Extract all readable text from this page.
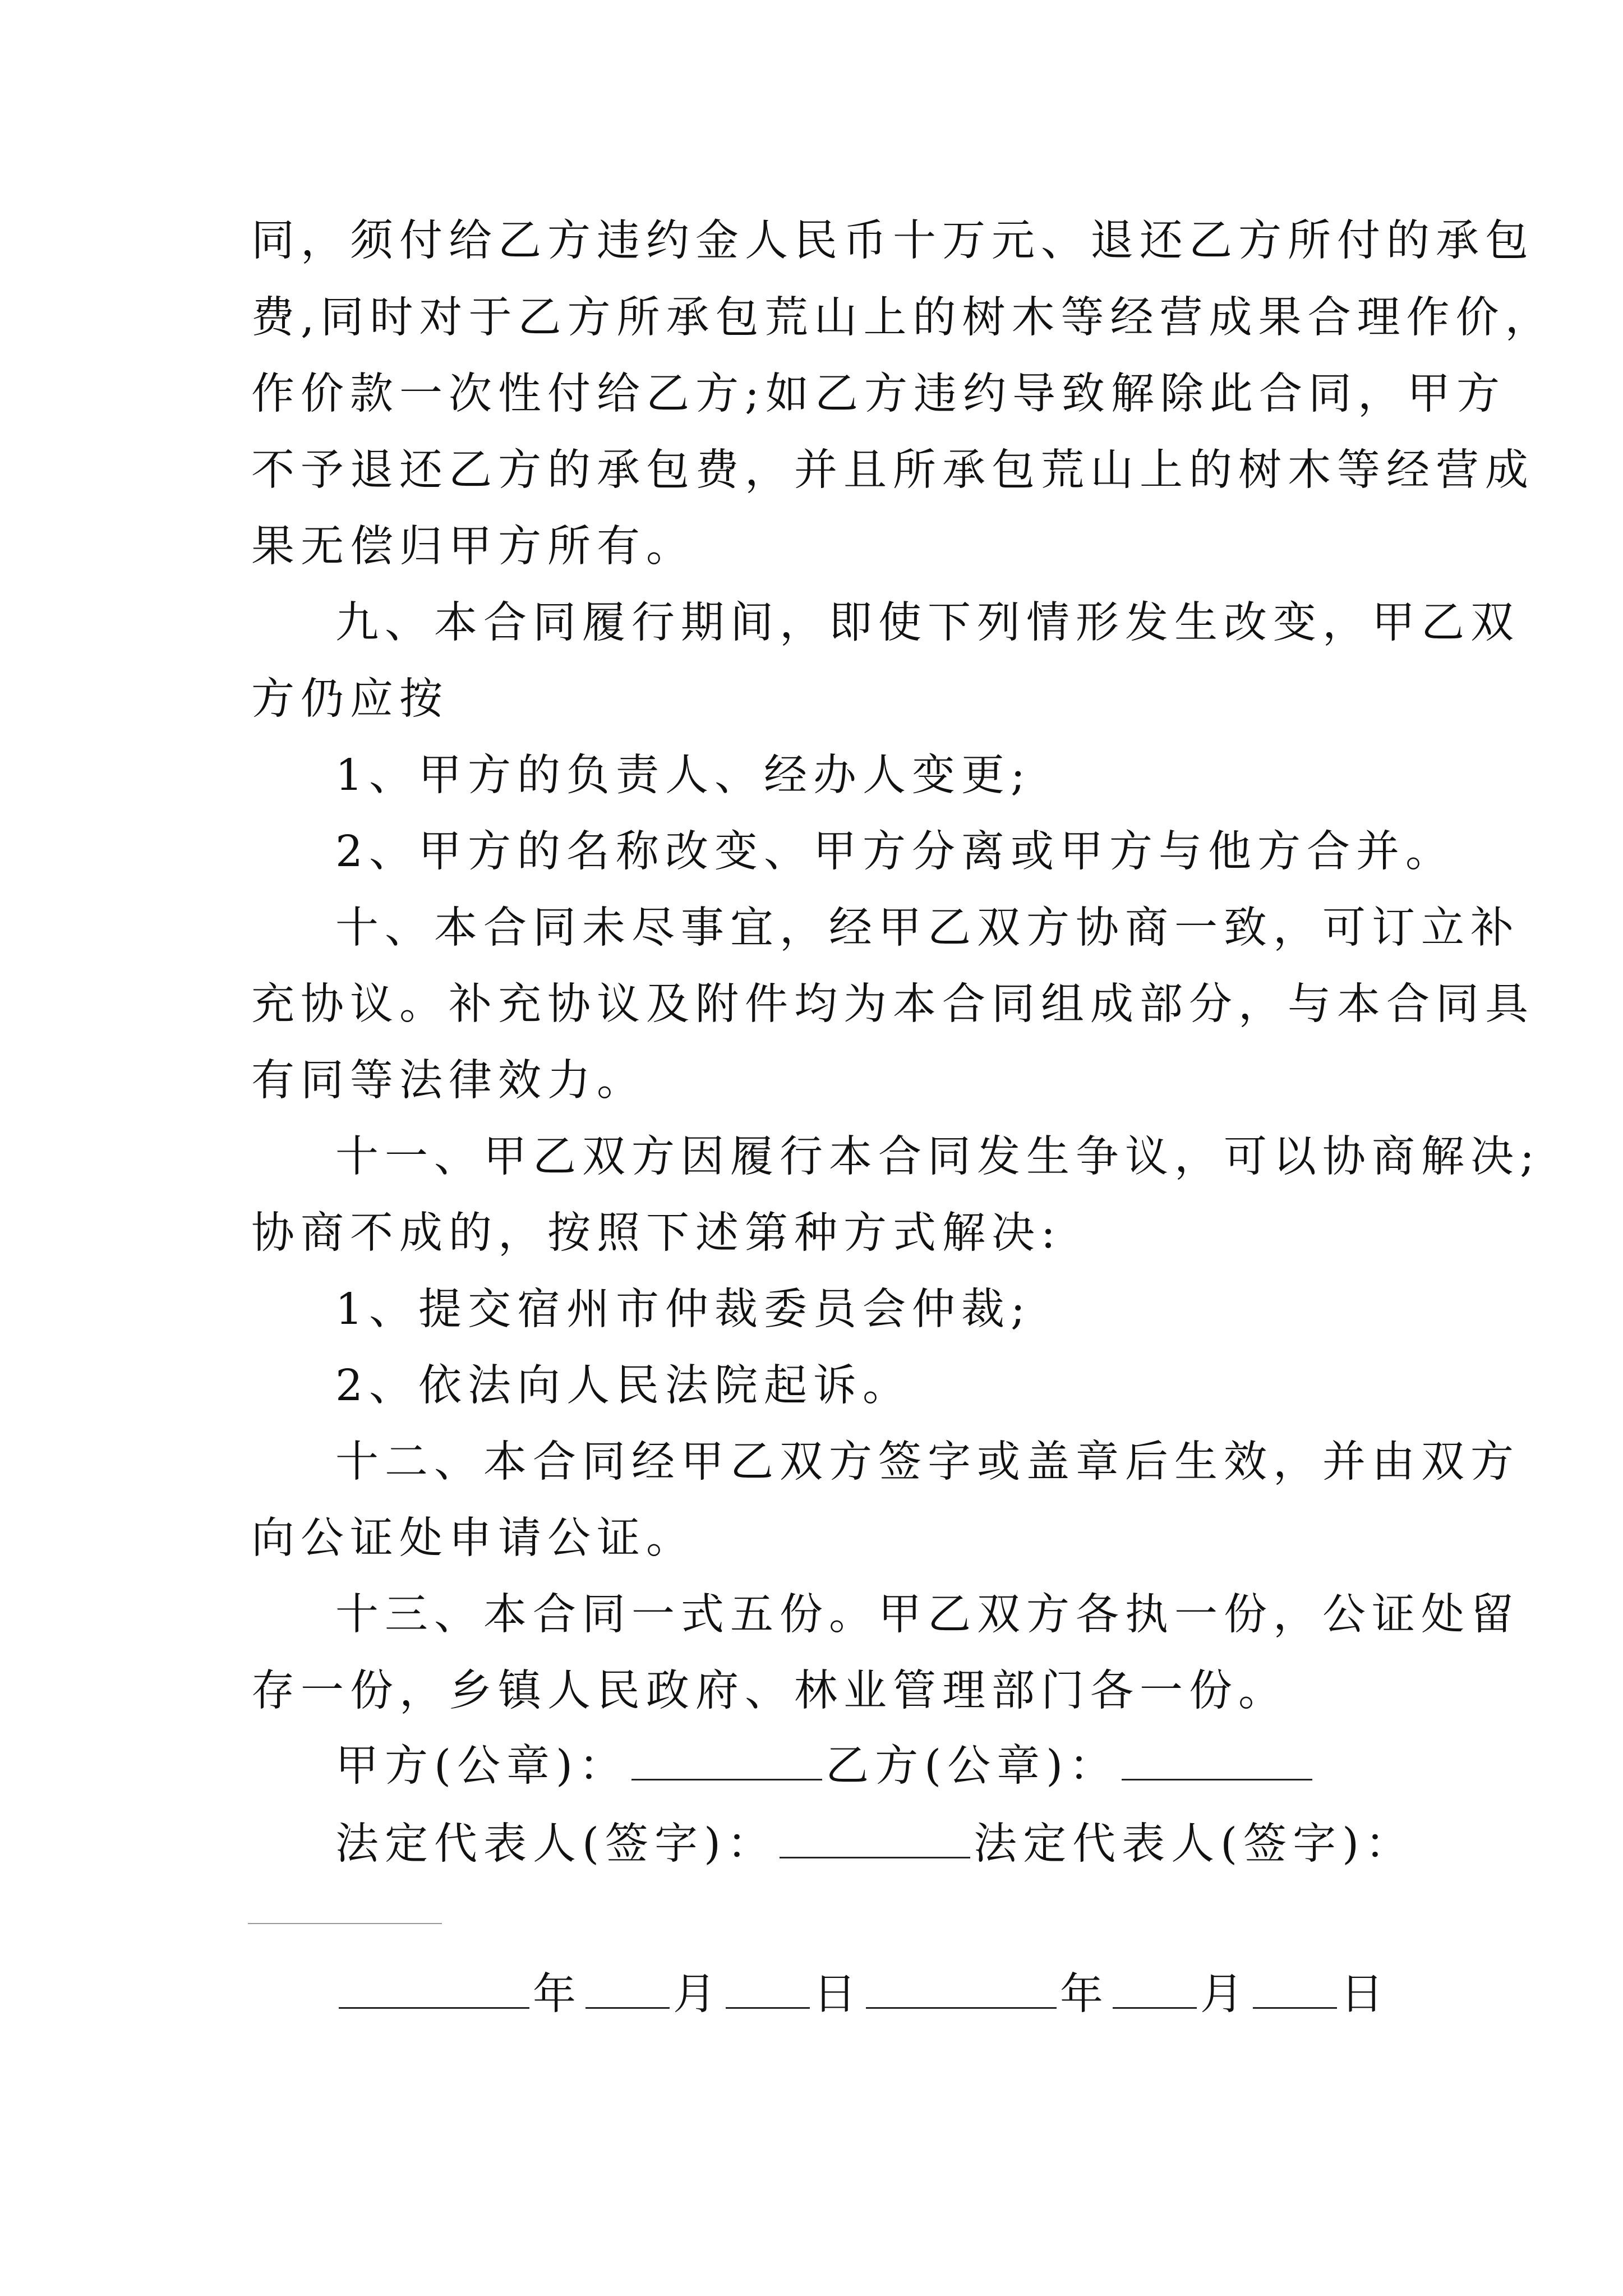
同，须付给乙方违约金人民币十万元、退还乙方所付的承包
费,同时对于乙方所承包荒山上的树木等经营成果合理作价，
作价款一次性付给乙方;如乙方违约导致解除此合同，甲方
不予退还乙方的承包费，并且所承包荒山上的树木等经营成
果无偿归甲方所有。
九、本合同履行期间，即使下列情形发生改变，甲乙双
方仍应按
1、甲方的负责人、经办人变更;
2、甲方的名称改变、甲方分离或甲方与他方合并。
十、本合同未尽事宜，经甲乙双方协商一致，可订立补
充协议。补充协议及附件均为本合同组成部分，与本合同具
有同等法律效力。
十一、甲乙双方因履行本合同发生争议，可以协商解决;
协商不成的，按照下述第种方式解决:
1、提交宿州市仲裁委员会仲裁;
2、依法向人民法院起诉。
十二、本合同经甲乙双方签字或盖章后生效，并由双方
向公证处申请公证。
十三、本合同一式五份。甲乙双方各执一份，公证处留
存一份，乡镇人民政府、林业管理部门各一份。
甲方(公章)：	乙方(公章)：
法定代表人(签字)：	法定代表人(签字)：
年 月 日	年 月 日
